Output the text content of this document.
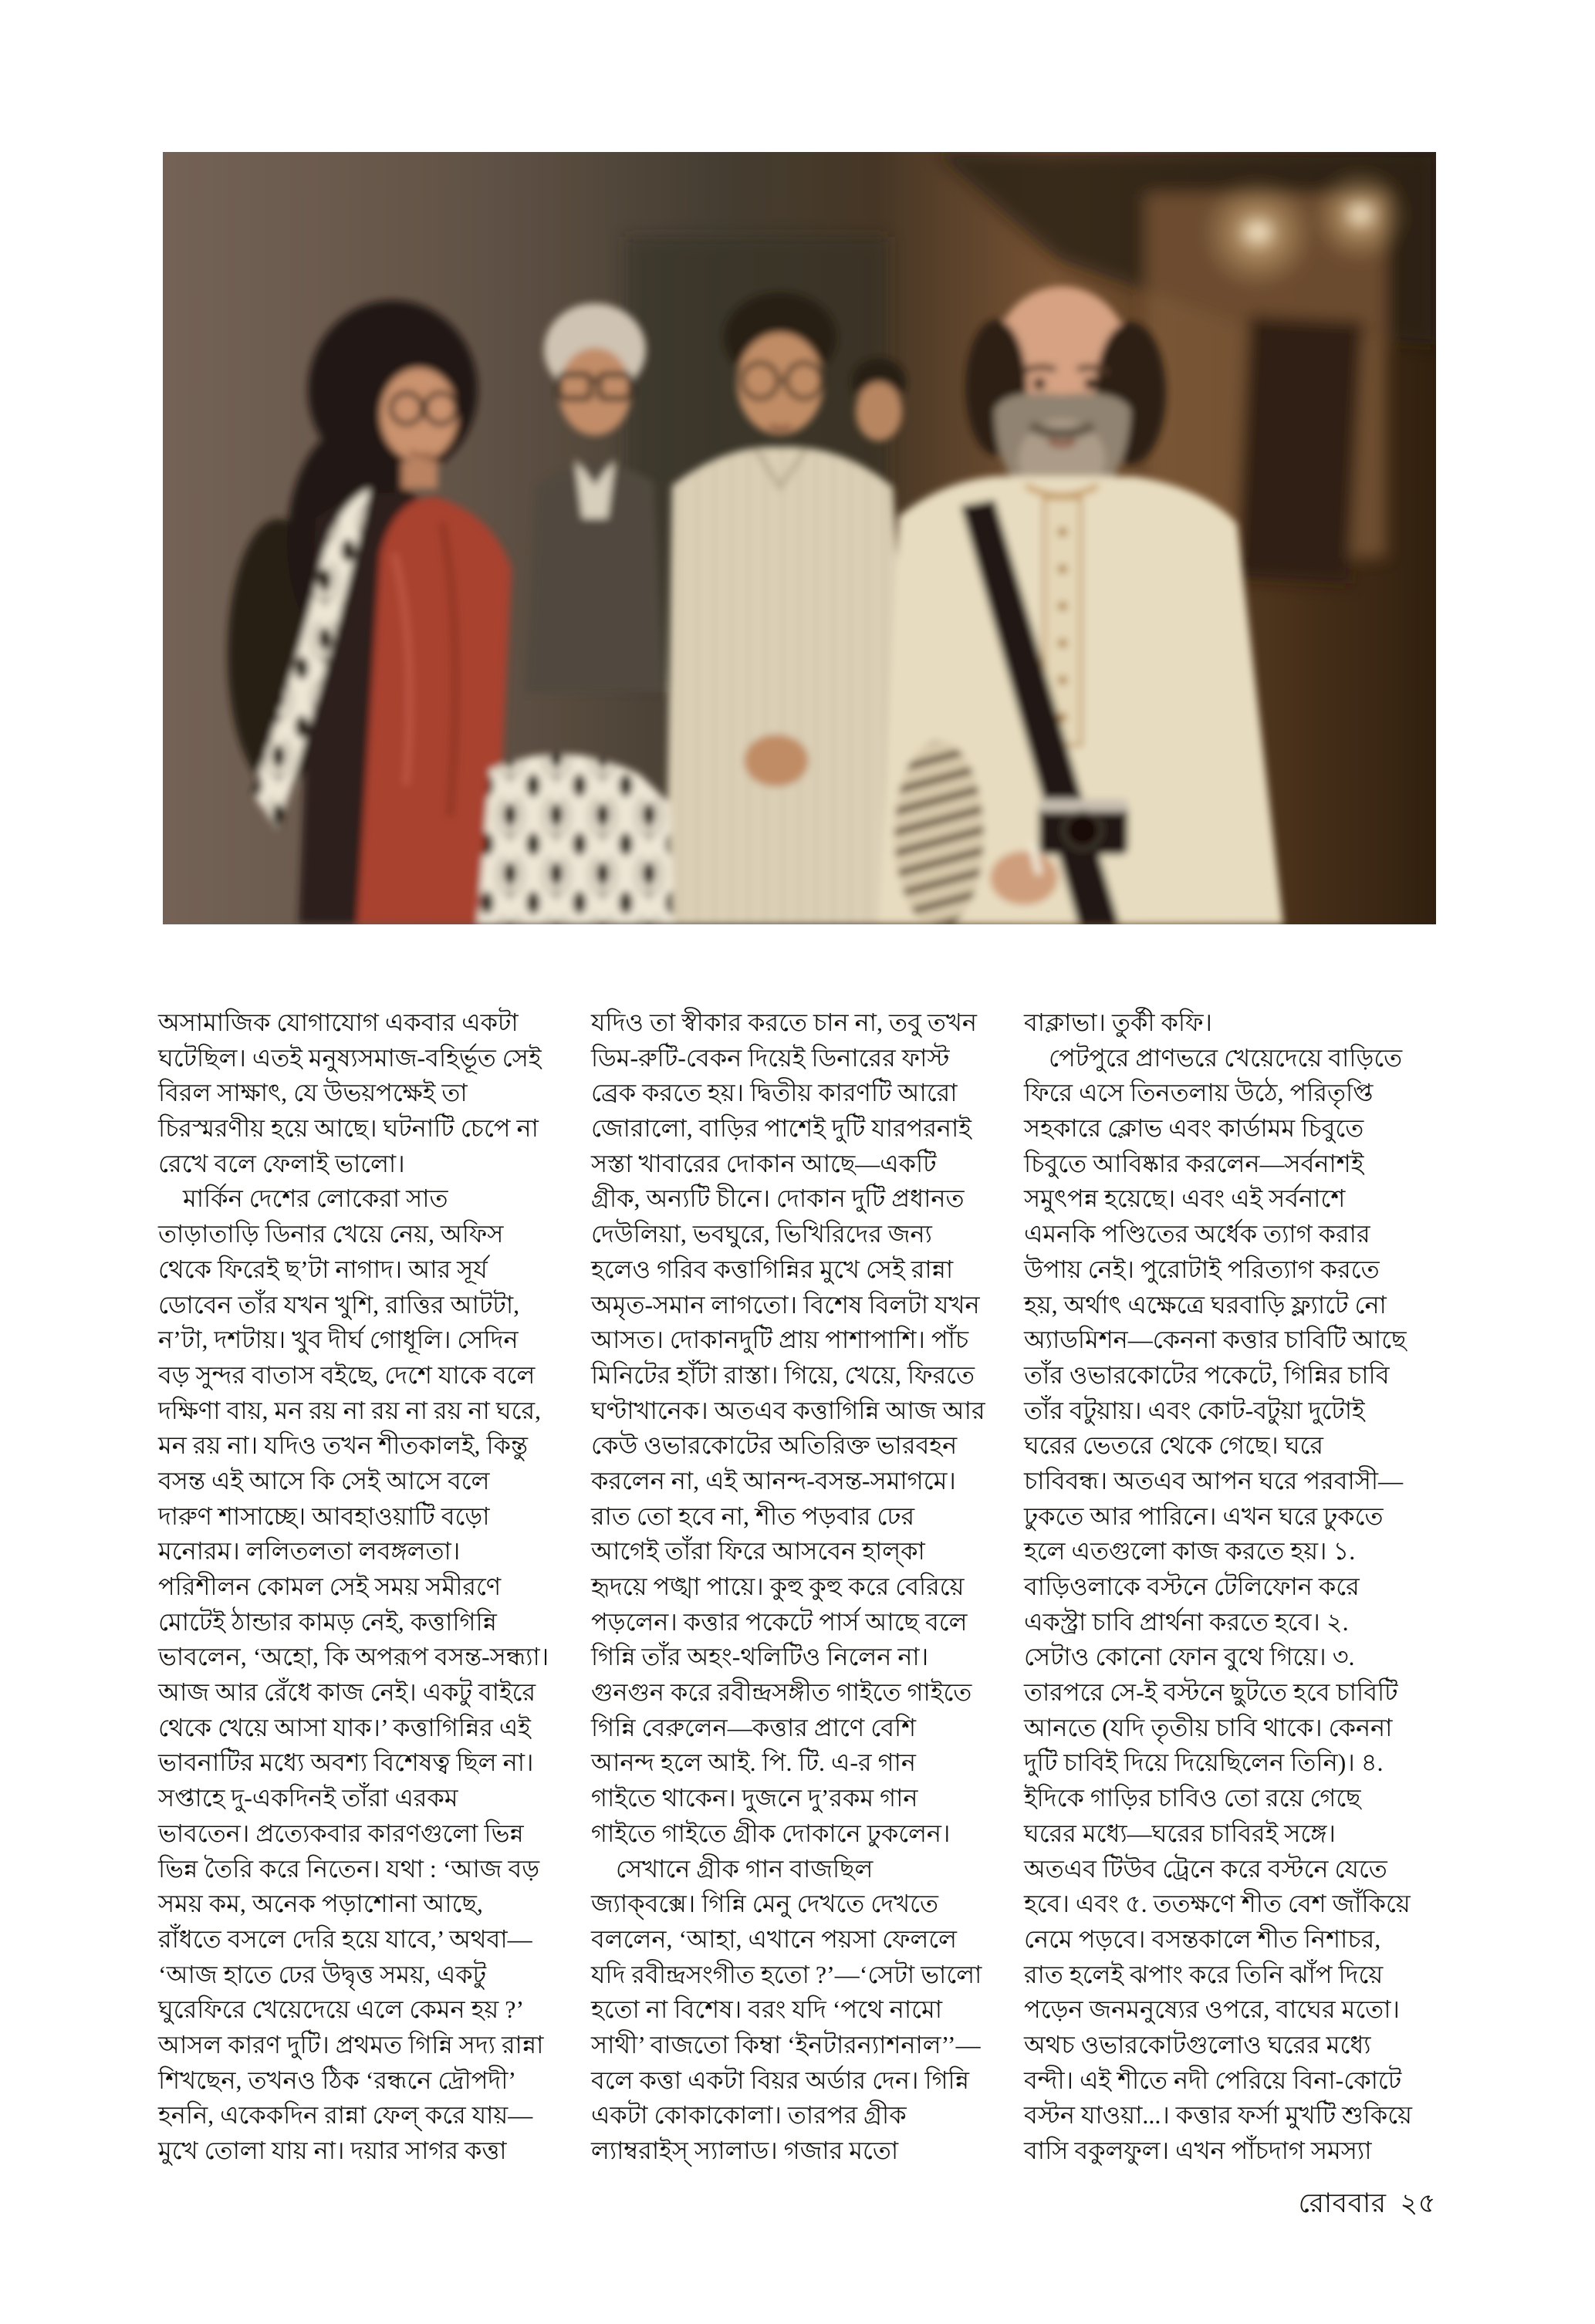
অসামাজিক যোগাযোগ একবার একটা
ঘটেছিল। এতই মনুষ্যসমাজ-বহির্ভূত সেই
বিরল সাক্ষাৎ, যে উভয়পক্ষেই তা
চিরস্মরণীয় হয়ে আছে। ঘটনাটি চেপে না
রেখে বলে ফেলাই ভালো।
 মার্কিন দেশের লোকেরা সাত
তাড়াতাড়ি ডিনার খেয়ে নেয়, অফিস
থেকে ফিরেই ছ’টা নাগাদ। আর সূর্য
ডোবেন তাঁর যখন খুশি, রাত্তির আটটা,
ন’টা, দশটায়। খুব দীর্ঘ গোধূলি। সেদিন
বড় সুন্দর বাতাস বইছে, দেশে যাকে বলে
দক্ষিণা বায়, মন রয় না রয় না রয় না ঘরে,
মন রয় না। যদিও তখন শীতকালই, কিন্তু
বসন্ত এই আসে কি সেই আসে বলে
দারুণ শাসাচ্ছে। আবহাওয়াটি বড়ো
মনোরম। ললিতলতা লবঙ্গলতা।
পরিশীলন কোমল সেই সময় সমীরণে
মোটেই ঠান্ডার কামড় নেই, কত্তাগিন্নি
ভাবলেন, ‘অহো, কি অপরূপ বসন্ত-সন্ধ্যা।
আজ আর রেঁধে কাজ নেই। একটু বাইরে
থেকে খেয়ে আসা যাক।’ কত্তাগিন্নির এই
ভাবনাটির মধ্যে অবশ্য বিশেষত্ব ছিল না।
সপ্তাহে দু-একদিনই তাঁরা এরকম
ভাবতেন। প্রত্যেকবার কারণগুলো ভিন্ন
ভিন্ন তৈরি করে নিতেন। যথা : ‘আজ বড়
সময় কম, অনেক পড়াশোনা আছে,
রাঁধতে বসলে দেরি হয়ে যাবে,’ অথবা—
‘আজ হাতে ঢের উদ্বৃত্ত সময়, একটু
ঘুরেফিরে খেয়েদেয়ে এলে কেমন হয় ?’
আসল কারণ দুটি। প্রথমত গিন্নি সদ্য রান্না
শিখছেন, তখনও ঠিক ‘রন্ধনে দ্রৌপদী’
হননি, একেকদিন রান্না ফেল্ করে যায়—
মুখে তোলা যায় না। দয়ার সাগর কত্তা
যদিও তা স্বীকার করতে চান না, তবু তখন
ডিম-রুটি-বেকন দিয়েই ডিনারের ফাস্ট
ব্রেক করতে হয়। দ্বিতীয় কারণটি আরো
জোরালো, বাড়ির পাশেই দুটি যারপরনাই
সস্তা খাবারের দোকান আছে—একটি
গ্রীক, অন্যটি চীনে। দোকান দুটি প্রধানত
দেউলিয়া, ভবঘুরে, ভিখিরিদের জন্য
হলেও গরিব কত্তাগিন্নির মুখে সেই রান্না
অমৃত-সমান লাগতো। বিশেষ বিলটা যখন
আসত। দোকানদুটি প্রায় পাশাপাশি। পাঁচ
মিনিটের হাঁটা রাস্তা। গিয়ে, খেয়ে, ফিরতে
ঘণ্টাখানেক। অতএব কত্তাগিন্নি আজ আর
কেউ ওভারকোটের অতিরিক্ত ভারবহন
করলেন না, এই আনন্দ-বসন্ত-সমাগমে।
রাত তো হবে না, শীত পড়বার ঢের
আগেই তাঁরা ফিরে আসবেন হাল্‌কা
হৃদয়ে পঙ্খা পায়ে। কুহু কুহু করে বেরিয়ে
পড়লেন। কত্তার পকেটে পার্স আছে বলে
গিন্নি তাঁর অহং-থলিটিও নিলেন না।
গুনগুন করে রবীন্দ্রসঙ্গীত গাইতে গাইতে
গিন্নি বেরুলেন—কত্তার প্রাণে বেশি
আনন্দ হলে আই. পি. টি. এ-র গান
গাইতে থাকেন। দুজনে দু’রকম গান
গাইতে গাইতে গ্রীক দোকানে ঢুকলেন।
 সেখানে গ্রীক গান বাজছিল
জ্যাক্‌বক্সে। গিন্নি মেনু দেখতে দেখতে
বললেন, ‘আহা, এখানে পয়সা ফেললে
যদি রবীন্দ্রসংগীত হতো ?’—‘সেটা ভালো
হতো না বিশেষ। বরং যদি ‘পথে নামো
সাথী’ বাজতো কিম্বা ‘ইনটারন্যাশনাল’’—
বলে কত্তা একটা বিয়র অর্ডার দেন। গিন্নি
একটা কোকাকোলা। তারপর গ্রীক
ল্যাম্বরাইস্ স্যালাড। গজার মতো
বাক্লাভা। তুর্কী কফি।
 পেটপুরে প্রাণভরে খেয়েদেয়ে বাড়িতে
ফিরে এসে তিনতলায় উঠে, পরিতৃপ্তি
সহকারে ক্লোভ এবং কার্ডামম চিবুতে
চিবুতে আবিষ্কার করলেন—সর্বনাশই
সমুৎপন্ন হয়েছে। এবং এই সর্বনাশে
এমনকি পণ্ডিতের অর্ধেক ত্যাগ করার
উপায় নেই। পুরোটাই পরিত্যাগ করতে
হয়, অর্থাৎ এক্ষেত্রে ঘরবাড়ি ফ্ল্যাটে নো
অ্যাডমিশন—কেননা কত্তার চাবিটি আছে
তাঁর ওভারকোটের পকেটে, গিন্নির চাবি
তাঁর বটুয়ায়। এবং কোট-বটুয়া দুটোই
ঘরের ভেতরে থেকে গেছে। ঘরে
চাবিবন্ধ। অতএব আপন ঘরে পরবাসী—
ঢুকতে আর পারিনে। এখন ঘরে ঢুকতে
হলে এতগুলো কাজ করতে হয়। ১.
বাড়িওলাকে বস্টনে টেলিফোন করে
একস্ট্রা চাবি প্রার্থনা করতে হবে। ২.
সেটাও কোনো ফোন বুথে গিয়ে। ৩.
তারপরে সে-ই বস্টনে ছুটতে হবে চাবিটি
আনতে (যদি তৃতীয় চাবি থাকে। কেননা
দুটি চাবিই দিয়ে দিয়েছিলেন তিনি)। ৪.
ইদিকে গাড়ির চাবিও তো রয়ে গেছে
ঘরের মধ্যে—ঘরের চাবিরই সঙ্গে।
অতএব টিউব ট্রেনে করে বস্টনে যেতে
হবে। এবং ৫. ততক্ষণে শীত বেশ জাঁকিয়ে
নেমে পড়বে। বসন্তকালে শীত নিশাচর,
রাত হলেই ঝপাং করে তিনি ঝাঁপ দিয়ে
পড়েন জনমনুষ্যের ওপরে, বাঘের মতো।
অথচ ওভারকোটগুলোও ঘরের মধ্যে
বন্দী। এই শীতে নদী পেরিয়ে বিনা-কোটে
বস্টন যাওয়া...। কত্তার ফর্সা মুখটি শুকিয়ে
বাসি বকুলফুল। এখন পাঁচদাগ সমস্যা
রোববার ২৫
